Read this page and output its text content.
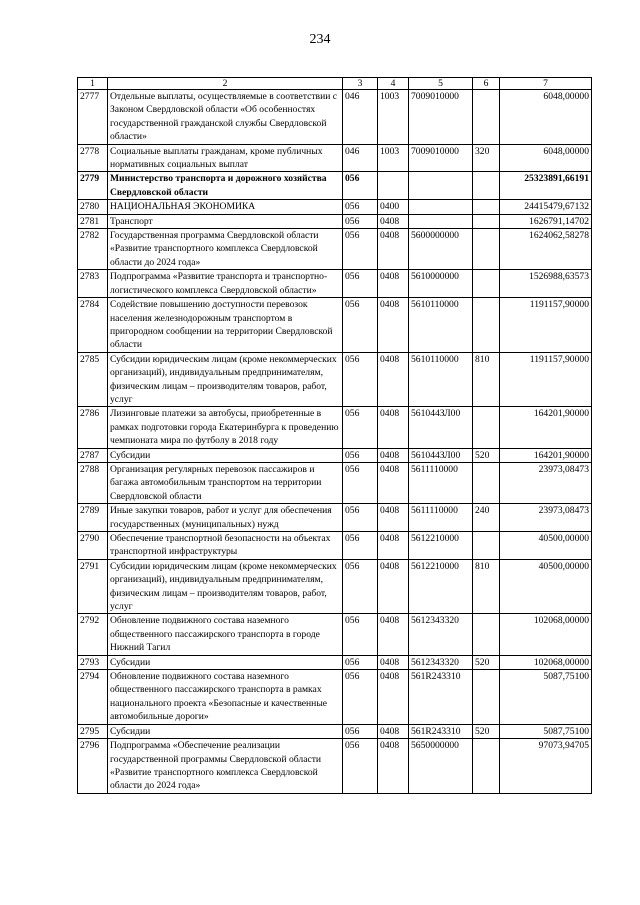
234
1	2	3	4	5	6	7
2777	Отдельные выплаты, осуществляемые в соответствии с Законом Свердловской области «Об особенностях государственной гражданской службы Свердловской области»	046	1003	7009010000		6048,00000
2778	Социальные выплаты гражданам, кроме публичных нормативных социальных выплат	046	1003	7009010000	320	6048,00000
2779	Министерство транспорта и дорожного хозяйства Свердловской области	056				25323891,66191
2780	НАЦИОНАЛЬНАЯ ЭКОНОМИКА	056	0400			24415479,67132
2781	Транспорт	056	0408			1626791,14702
2782	Государственная программа Свердловской области «Развитие транспортного комплекса Свердловской области до 2024 года»	056	0408	5600000000		1624062,58278
2783	Подпрограмма «Развитие транспорта и транспортно-логистического комплекса Свердловской области»	056	0408	5610000000		1526988,63573
2784	Содействие повышению доступности перевозок населения железнодорожным транспортом в пригородном сообщении на территории Свердловской области	056	0408	5610110000		1191157,90000
2785	Субсидии юридическим лицам (кроме некоммерческих организаций), индивидуальным предпринимателям, физическим лицам – производителям товаров, работ, услуг	056	0408	5610110000	810	1191157,90000
2786	Лизинговые платежи за автобусы, приобретенные в рамках подготовки города Екатеринбурга к проведению чемпионата мира по футболу в 2018 году	056	0408	561044ЗЛ00		164201,90000
2787	Субсидии	056	0408	561044ЗЛ00	520	164201,90000
2788	Организация регулярных перевозок пассажиров и багажа автомобильным транспортом на территории Свердловской области	056	0408	5611110000		23973,08473
2789	Иные закупки товаров, работ и услуг для обеспечения государственных (муниципальных) нужд	056	0408	5611110000	240	23973,08473
2790	Обеспечение транспортной безопасности на объектах транспортной инфраструктуры	056	0408	5612210000		40500,00000
2791	Субсидии юридическим лицам (кроме некоммерческих организаций), индивидуальным предпринимателям, физическим лицам – производителям товаров, работ, услуг	056	0408	5612210000	810	40500,00000
2792	Обновление подвижного состава наземного общественного пассажирского транспорта в городе Нижний Тагил	056	0408	5612343320		102068,00000
2793	Субсидии	056	0408	5612343320	520	102068,00000
2794	Обновление подвижного состава наземного общественного пассажирского транспорта в рамках национального проекта «Безопасные и качественные автомобильные дороги»	056	0408	561R243310		5087,75100
2795	Субсидии	056	0408	561R243310	520	5087,75100
2796	Подпрограмма «Обеспечение реализации государственной программы Свердловской области «Развитие транспортного комплекса Свердловской области до 2024 года»	056	0408	5650000000		97073,94705
